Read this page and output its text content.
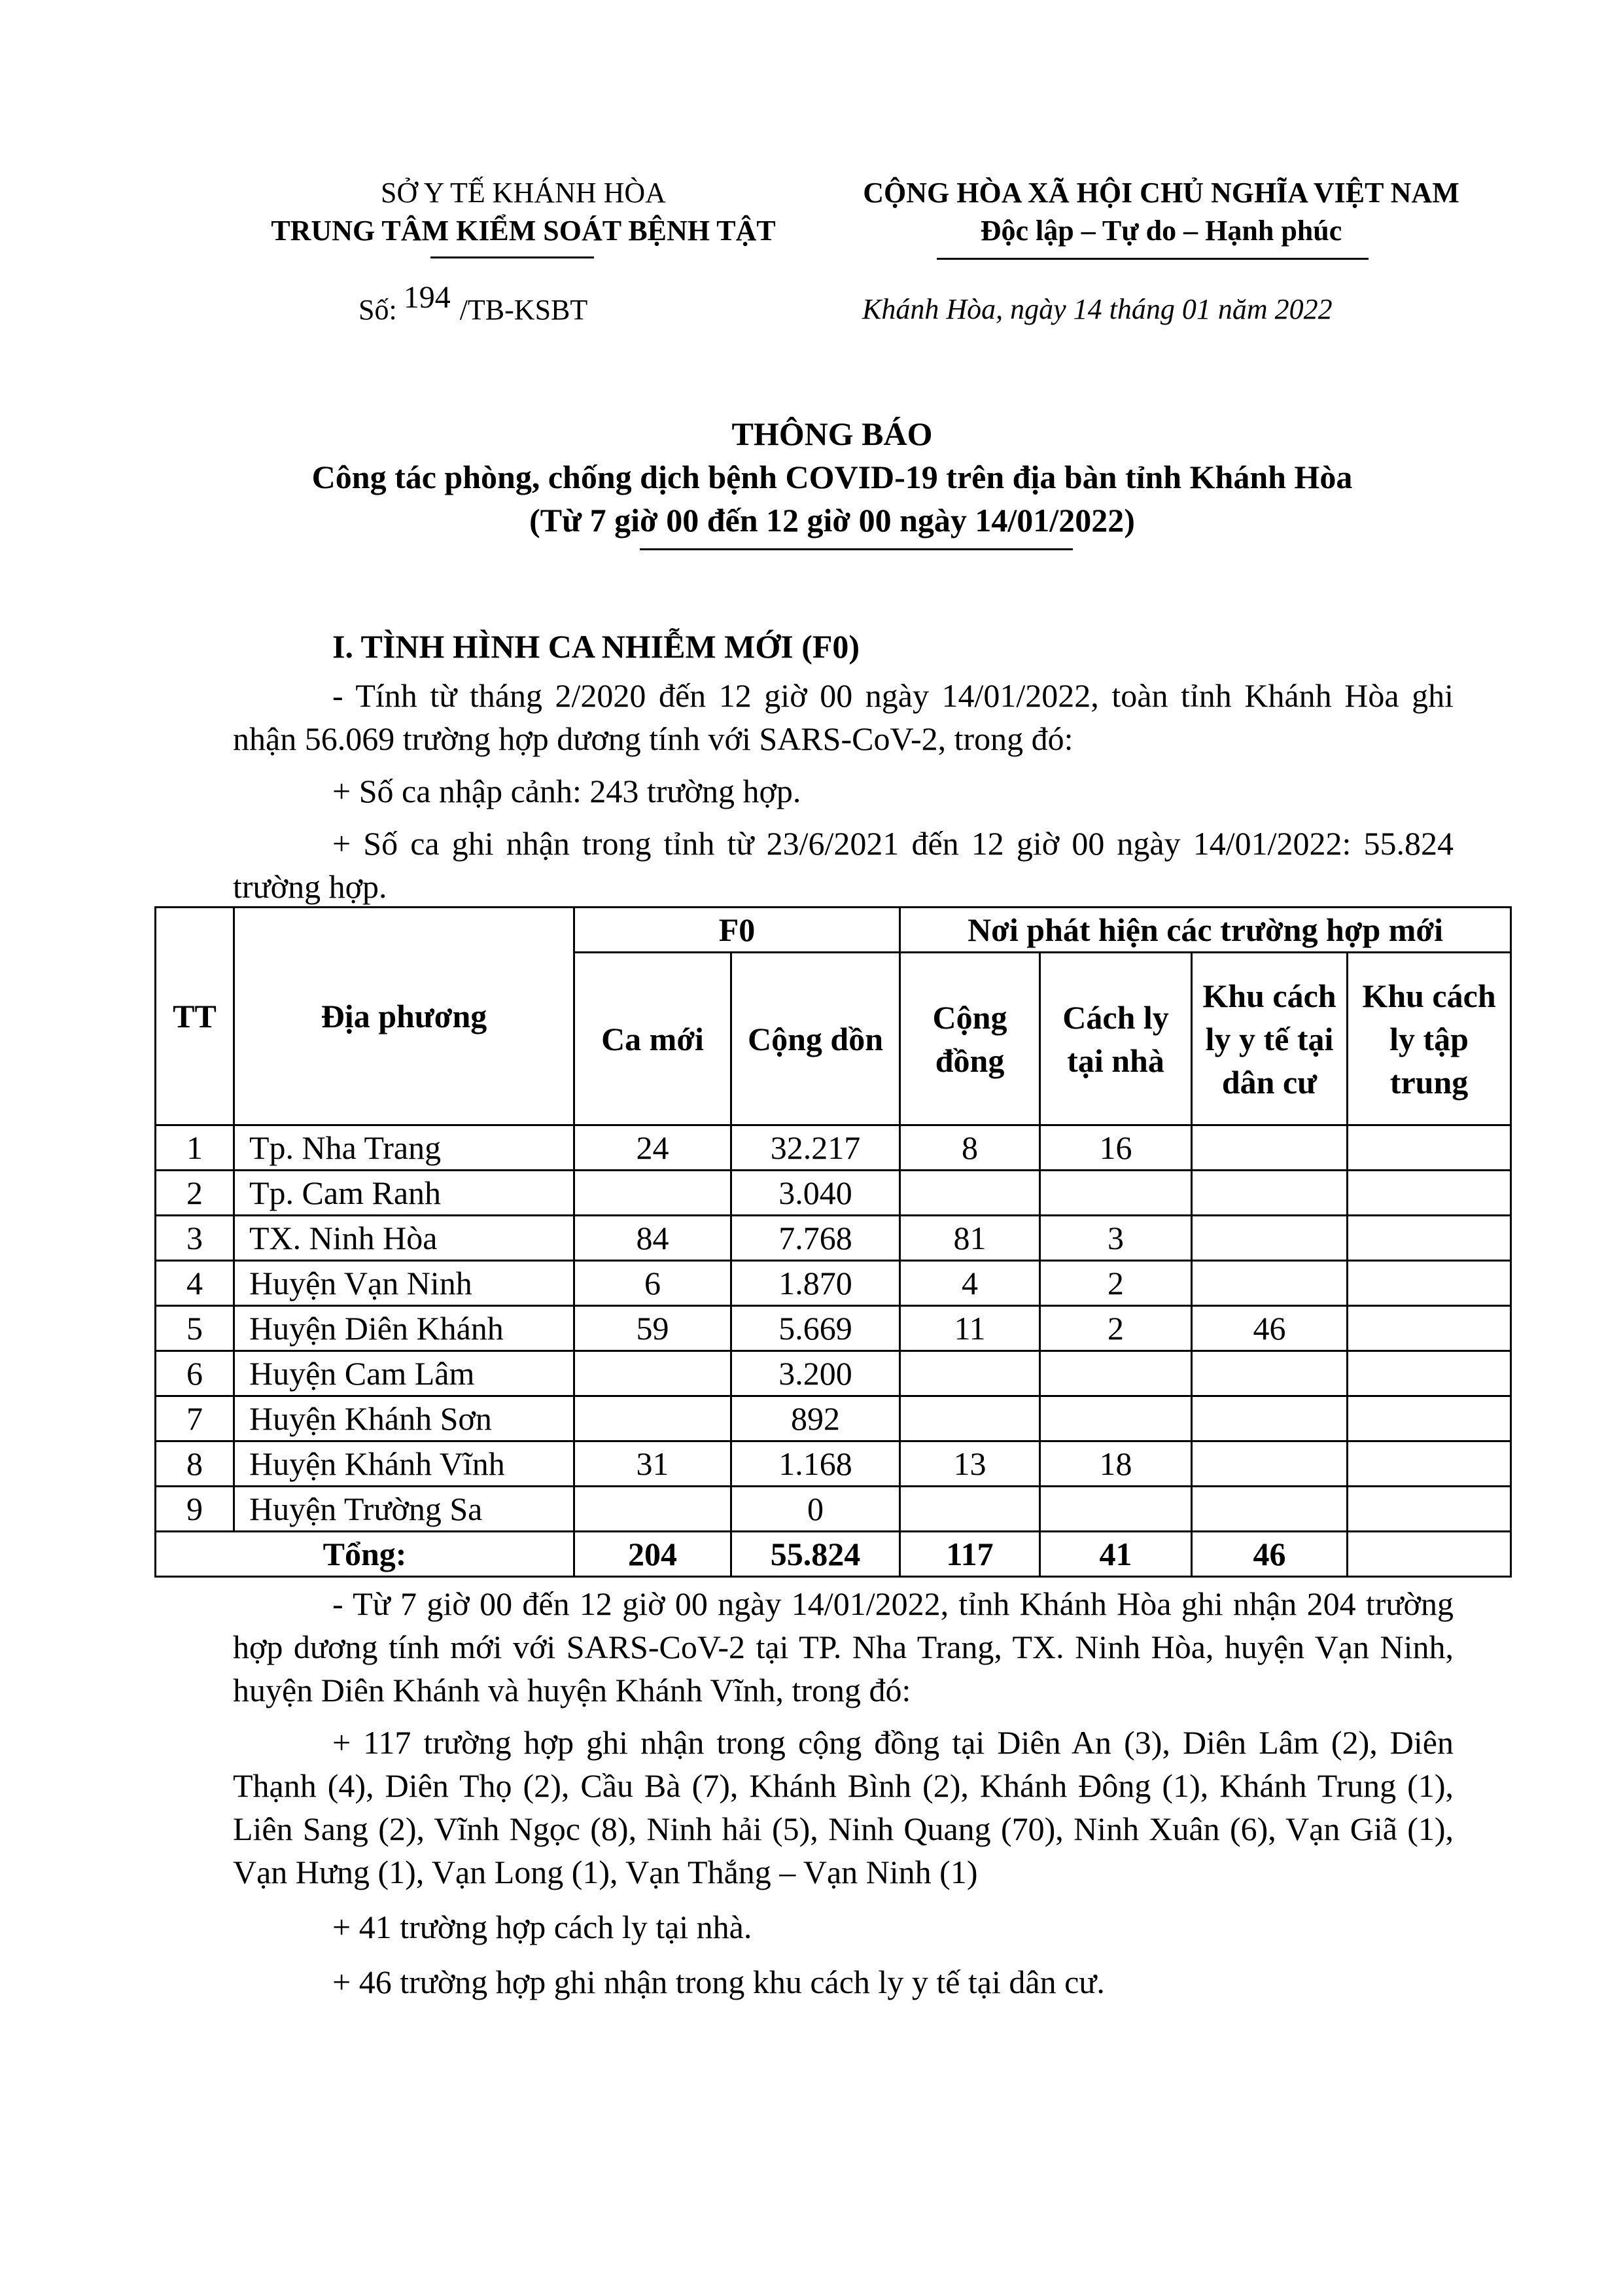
SỞ Y TẾ KHÁNH HÒA
TRUNG TÂM KIỂM SOÁT BỆNH TẬT
CỘNG HÒA XÃ HỘI CHỦ NGHĨA VIỆT NAM
Độc lập – Tự do – Hạnh phúc
Số: 194 /TB-KSBT	Khánh Hòa, ngày 14 tháng 01 năm 2022
THÔNG BÁO
Công tác phòng, chống dịch bệnh COVID-19 trên địa bàn tỉnh Khánh Hòa
(Từ 7 giờ 00 đến 12 giờ 00 ngày 14/01/2022)
I. TÌNH HÌNH CA NHIỄM MỚI (F0)

- Tính từ tháng 2/2020 đến 12 giờ 00 ngày 14/01/2022, toàn tỉnh Khánh Hòa ghi nhận 56.069 trường hợp dương tính với SARS-CoV-2, trong đó:

+ Số ca nhập cảnh: 243 trường hợp.

+ Số ca ghi nhận trong tỉnh từ 23/6/2021 đến 12 giờ 00 ngày 14/01/2022: 55.824 trường hợp.

TT	Địa phương	F0		Nơi phát hiện các trường hợp mới			
		Ca mới	Cộng dồn	Cộng đồng	Cách ly tại nhà	Khu cách ly y tế tại dân cư	Khu cách ly tập trung
1	Tp. Nha Trang	24	32.217	8	16		
2	Tp. Cam Ranh		3.040				
3	TX. Ninh Hòa	84	7.768	81	3		
4	Huyện Vạn Ninh	6	1.870	4	2		
5	Huyện Diên Khánh	59	5.669	11	2	46	
6	Huyện Cam Lâm		3.200				
7	Huyện Khánh Sơn		892				
8	Huyện Khánh Vĩnh	31	1.168	13	18		
9	Huyện Trường Sa		0				
Tổng:		204	55.824	117	41	46	

- Từ 7 giờ 00 đến 12 giờ 00 ngày 14/01/2022, tỉnh Khánh Hòa ghi nhận 204 trường hợp dương tính mới với SARS-CoV-2 tại TP. Nha Trang, TX. Ninh Hòa, huyện Vạn Ninh, huyện Diên Khánh và huyện Khánh Vĩnh, trong đó:

+ 117 trường hợp ghi nhận trong cộng đồng tại Diên An (3), Diên Lâm (2), Diên Thạnh (4), Diên Thọ (2), Cầu Bà (7), Khánh Bình (2), Khánh Đông (1), Khánh Trung (1), Liên Sang (2), Vĩnh Ngọc (8), Ninh hải (5), Ninh Quang (70), Ninh Xuân (6), Vạn Giã (1), Vạn Hưng (1), Vạn Long (1), Vạn Thắng – Vạn Ninh (1)

+ 41 trường hợp cách ly tại nhà.

+ 46 trường hợp ghi nhận trong khu cách ly y tế tại dân cư.
